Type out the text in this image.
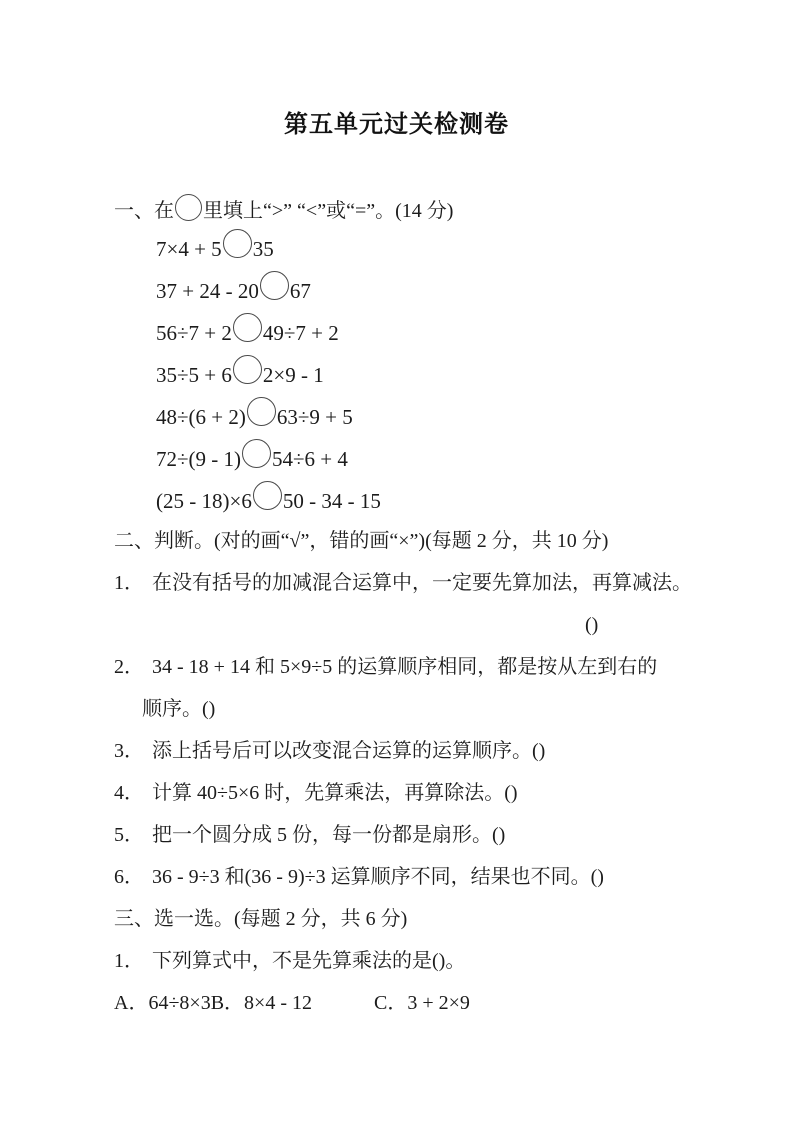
第五单元过关检测卷
一、在 里填上“>” “<”或“=”。(14 分)
7×4 + 5 35
37 + 24 - 20 67
56÷7 + 2 49÷7 + 2
35÷5 + 6 2×9 - 1
48÷(6 + 2) 63÷9 + 5
72÷(9 - 1) 54÷6 + 4
(25 - 18)×6 50 - 34 - 15
二、判断。(对的画“√”，错的画“×”)(每题 2 分，共 10 分)
1． 在没有括号的加减混合运算中，一定要先算加法，再算减法。
()
2． 34 - 18 + 14 和 5×9÷5 的运算顺序相同，都是按从左到右的
顺序。()
3． 添上括号后可以改变混合运算的运算顺序。()
4． 计算 40÷5×6 时，先算乘法，再算除法。()
5． 把一个圆分成 5 份，每一份都是扇形。()
6． 36 - 9÷3 和(36 - 9)÷3 运算顺序不同，结果也不同。()
三、选一选。(每题 2 分，共 6 分)
1． 下列算式中，不是先算乘法的是()。
A．64÷8×3B．8×4 - 12	C．3 + 2×9
